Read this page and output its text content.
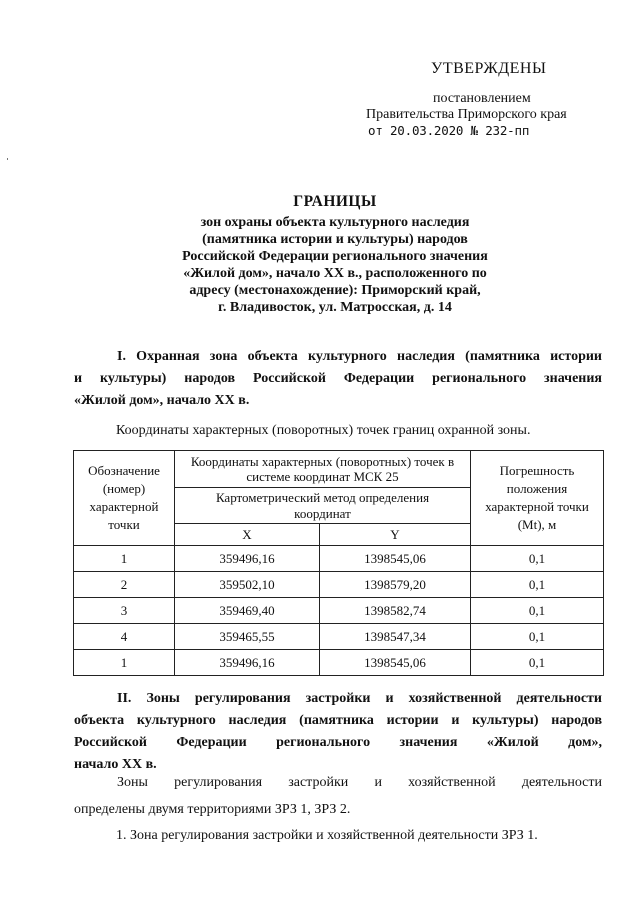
УТВЕРЖДЕНЫ
постановлением
Правительства Приморского края
от 20.03.2020 № 232-пп
ГРАНИЦЫ
зон охраны объекта культурного наследия
(памятника истории и культуры) народов
Российской Федерации регионального значения
«Жилой дом», начало XX в., расположенного по
адресу (местонахождение): Приморский край,
г. Владивосток, ул. Матросская, д. 14
I. Охранная зона объекта культурного наследия (памятника истории
и культуры) народов Российской Федерации регионального значения
«Жилой дом», начало XX в.
Координаты характерных (поворотных) точек границ охранной зоны.
Обозначение (номер) характерной точки	Координаты характерных (поворотных) точек в системе координат МСК 25		Погрешность положения характерной точки (Mt), м
	Картометрический метод определения координат		
	X	Y	
1	359496,16	1398545,06	0,1
2	359502,10	1398579,20	0,1
3	359469,40	1398582,74	0,1
4	359465,55	1398547,34	0,1
1	359496,16	1398545,06	0,1
II. Зоны регулирования застройки и хозяйственной деятельности
объекта культурного наследия (памятника истории и культуры) народов
Российской Федерации регионального значения «Жилой дом»,
начало XX в.
Зоны регулирования застройки и хозяйственной деятельности
определены двумя территориями ЗРЗ 1, ЗРЗ 2.
1. Зона регулирования застройки и хозяйственной деятельности ЗРЗ 1.
